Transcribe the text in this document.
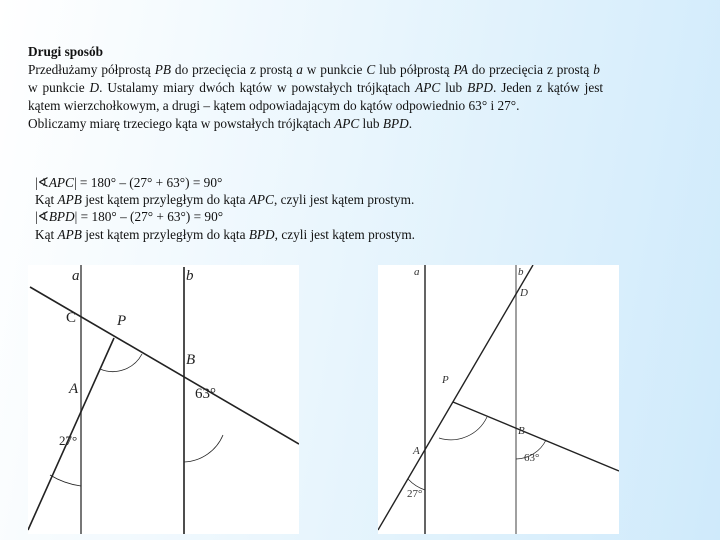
Drugi sposób
Przedłużamy półprostą PB do przecięcia z prostą a w punkcie C lub półprostą PA do przecięcia z prostą b
w punkcie D. Ustalamy miary dwóch kątów w powstałych trójkątach APC lub BPD. Jeden z kątów jest
kątem wierzchołkowym, a drugi – kątem odpowiadającym do kątów odpowiednio 63° i 27°.
Obliczamy miarę trzeciego kąta w powstałych trójkątach APC lub BPD.
|∢APC| = 180° – (27° + 63°) = 90°
Kąt APB jest kątem przyległym do kąta APC, czyli jest kątem prostym.
|∢BPD| = 180° – (27° + 63°) = 90°
Kąt APB jest kątem przyległym do kąta BPD, czyli jest kątem prostym.
a	b
C	P
B
A	63°
27°
a	b
D
P
B
A
63°
27°
